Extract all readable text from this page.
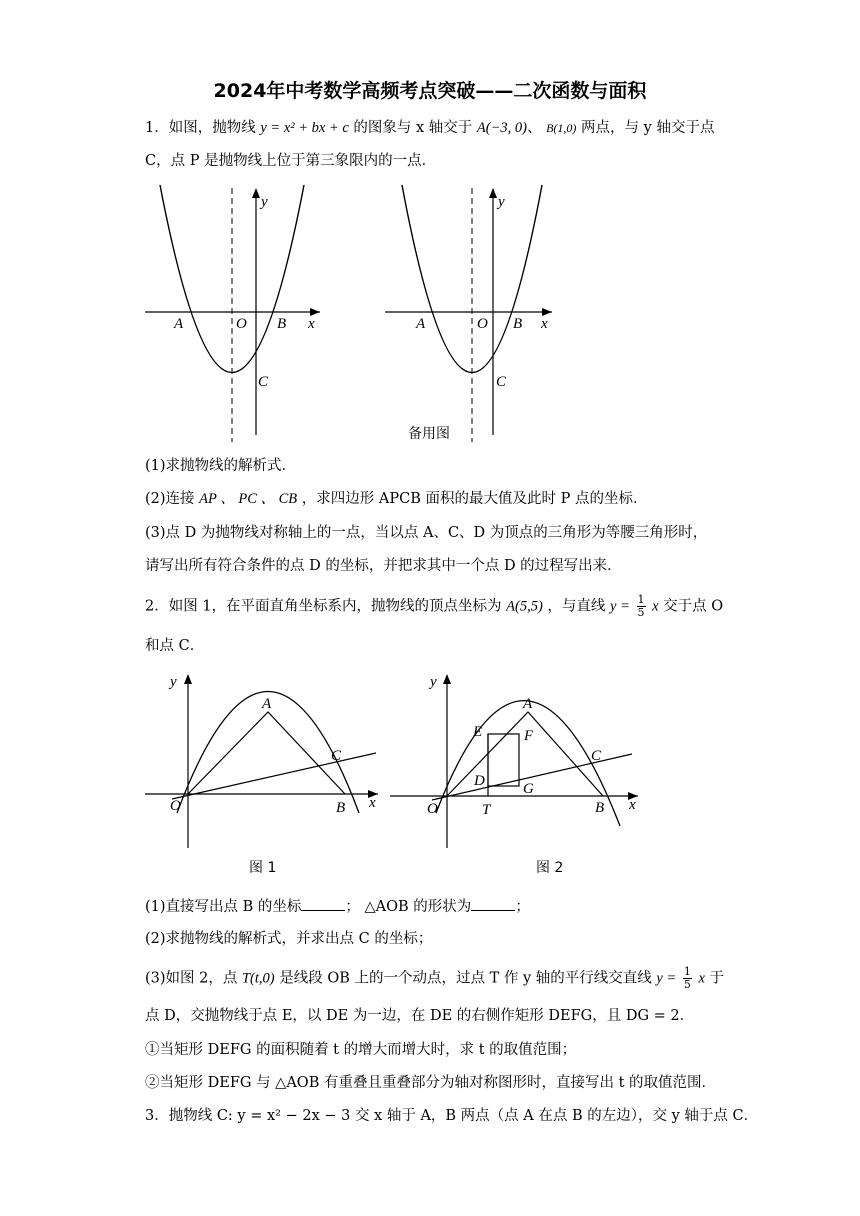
2024年中考数学高频考点突破——二次函数与面积
1．如图，抛物线 y = x² + bx + c 的图象与 x 轴交于 A(−3, 0)、 B(1,0) 两点，与 y 轴交于点
C，点 P 是抛物线上位于第三象限内的一点．
A	O B x
y
C
A	O B x
y
C
备用图
(1)求抛物线的解析式．
(2)连接 AP 、 PC 、 CB ，求四边形 APCB 面积的最大值及此时 P 点的坐标．
(3)点 D 为抛物线对称轴上的一点，当以点 A、C、D 为顶点的三角形为等腰三角形时，
请写出所有符合条件的点 D 的坐标，并把求其中一个点 D 的过程写出来．
2．如图 1，在平面直角坐标系内，抛物线的顶点坐标为 A(5,5) ，与直线 $y = \frac{1}{5}$ x 交于点 O
和点 C．
y
A
C
O	B x
图 1
y
A
E	F
D	G
C
O	T	B x
图 2
(1)直接写出点 B 的坐标	； △AOB 的形状为	；
(2)求抛物线的解析式，并求出点 C 的坐标；
(3)如图 2，点 T(t,0) 是线段 OB 上的一个动点，过点 T 作 y 轴的平行线交直线 $y = \frac{1}{5}$ x 于
点 D，交抛物线于点 E，以 DE 为一边，在 DE 的右侧作矩形 DEFG，且 DG = 2．
①当矩形 DEFG 的面积随着 t 的增大而增大时，求 t 的取值范围；
②当矩形 DEFG 与 △AOB 有重叠且重叠部分为轴对称图形时，直接写出 t 的取值范围．
3．抛物线 C: y = x² − 2x − 3 交 x 轴于 A，B 两点（点 A 在点 B 的左边），交 y 轴于点 C．
